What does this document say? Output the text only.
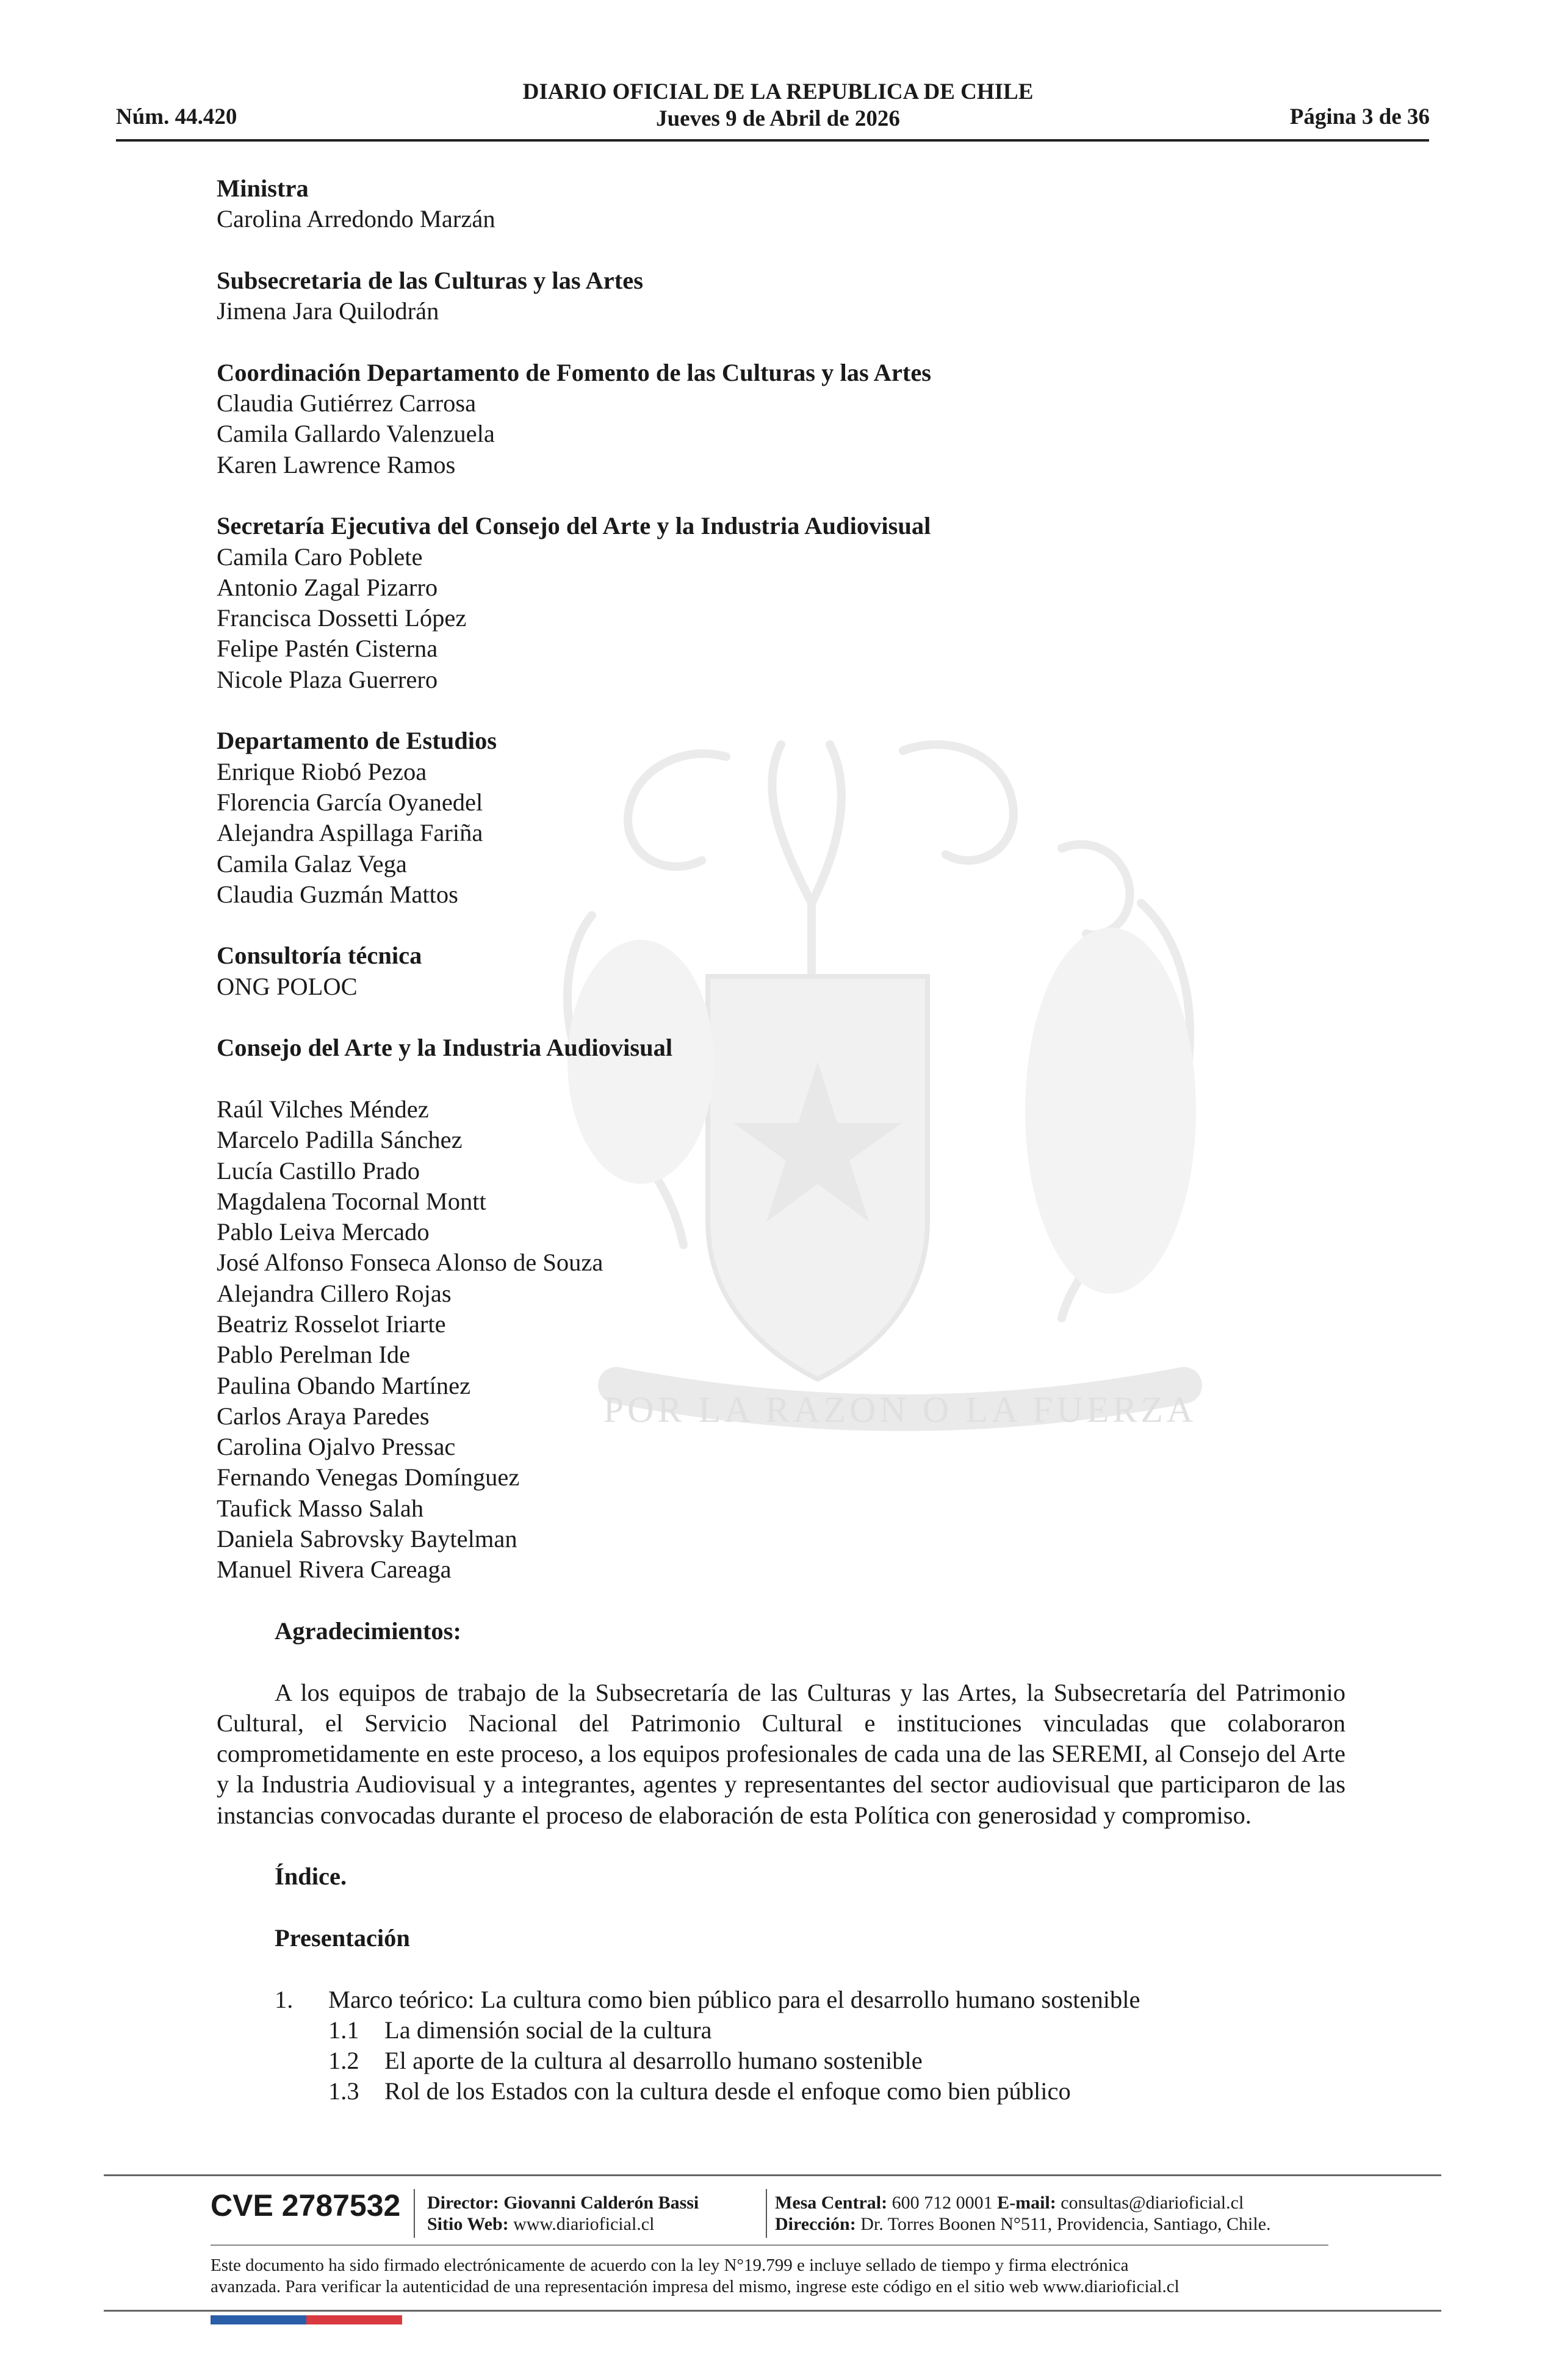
DIARIO OFICIAL DE LA REPUBLICA DE CHILE
Jueves 9 de Abril de 2026
Núm. 44.420	Página 3 de 36
POR LA RAZON O LA FUERZA

Ministra

Carolina Arredondo Marzán

Subsecretaria de las Culturas y las Artes

Jimena Jara Quilodrán

Coordinación Departamento de Fomento de las Culturas y las Artes

Claudia Gutiérrez Carrosa

Camila Gallardo Valenzuela

Karen Lawrence Ramos

Secretaría Ejecutiva del Consejo del Arte y la Industria Audiovisual

Camila Caro Poblete

Antonio Zagal Pizarro

Francisca Dossetti López

Felipe Pastén Cisterna

Nicole Plaza Guerrero

Departamento de Estudios

Enrique Riobó Pezoa

Florencia García Oyanedel

Alejandra Aspillaga Fariña

Camila Galaz Vega

Claudia Guzmán Mattos

Consultoría técnica

ONG POLOC

Consejo del Arte y la Industria Audiovisual

Raúl Vilches Méndez

Marcelo Padilla Sánchez

Lucía Castillo Prado

Magdalena Tocornal Montt

Pablo Leiva Mercado

José Alfonso Fonseca Alonso de Souza

Alejandra Cillero Rojas

Beatriz Rosselot Iriarte

Pablo Perelman Ide

Paulina Obando Martínez

Carlos Araya Paredes

Carolina Ojalvo Pressac

Fernando Venegas Domínguez

Taufick Masso Salah

Daniela Sabrovsky Baytelman

Manuel Rivera Careaga

Agradecimientos:

A los equipos de trabajo de la Subsecretaría de las Culturas y las Artes, la Subsecretaría del Patrimonio Cultural, el Servicio Nacional del Patrimonio Cultural e instituciones vinculadas que colaboraron comprometidamente en este proceso, a los equipos profesionales de cada una de las SEREMI, al Consejo del Arte y la Industria Audiovisual y a integrantes, agentes y representantes del sector audiovisual que participaron de las instancias convocadas durante el proceso de elaboración de esta Política con generosidad y compromiso.

Índice.

Presentación

1. Marco teórico: La cultura como bien público para el desarrollo humano sostenible

1.1 La dimensión social de la cultura

1.2 El aporte de la cultura al desarrollo humano sostenible

1.3 Rol de los Estados con la cultura desde el enfoque como bien público

CVE 2787532 Director: Giovanni Calderón Bassi
Sitio Web: www.diarioficial.cl
Mesa Central: 600 712 0001 E-mail: consultas@diarioficial.cl
Dirección: Dr. Torres Boonen N°511, Providencia, Santiago, Chile.
Este documento ha sido firmado electrónicamente de acuerdo con la ley N°19.799 e incluye sellado de tiempo y firma electrónica
avanzada. Para verificar la autenticidad de una representación impresa del mismo, ingrese este código en el sitio web www.diarioficial.cl
